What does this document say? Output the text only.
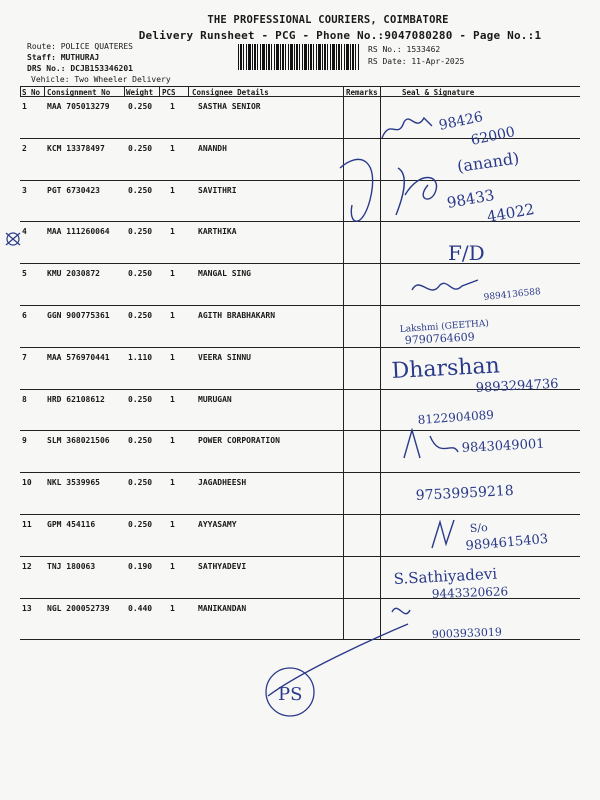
THE PROFESSIONAL COURIERS, COIMBATORE
Delivery Runsheet - PCG - Phone No.:9047080280 - Page No.:1
Route: POLICE QUATERES
Staff: MUTHURAJ
DRS No.: DCJB153346201
Vehicle: Two Wheeler Delivery
RS No.: 1533462
RS Date: 11-Apr-2025
S No Consignment No Weight PCS Consignee Details	Remarks	Seal & Signature
1	MAA 705013279 0.250 1	SASTHA SENIOR
2	KCM 13378497	0.250 1	ANANDH
3	PGT 6730423	0.250 1	SAVITHRI
4	MAA 111260064 0.250 1	KARTHIKA
5	KMU 2030872	0.250 1	MANGAL SING
6	GGN 900775361 0.250 1	AGITH BRABHAKARN
7	MAA 576970441 1.110 1	VEERA SINNU
8	HRD 62108612	0.250 1	MURUGAN
9	SLM 368021506 0.250 1	POWER CORPORATION
10 NKL 3539965	0.250 1	JAGADHEESH
11 GPM 454116	0.250 1	AYYASAMY
12 TNJ 180063	0.190 1	SATHYADEVI
13 NGL 200052739 0.440 1	MANIKANDAN
98426
62000
(anand)
98433
44022
F/D
9894136588
Lakshmi (GEETHA)
9790764609
Dharshan
9893294736
8122904089
9843049001
97539959218
S/o
9894615403
S.Sathiyadevi
9443320626
9003933019
PS
